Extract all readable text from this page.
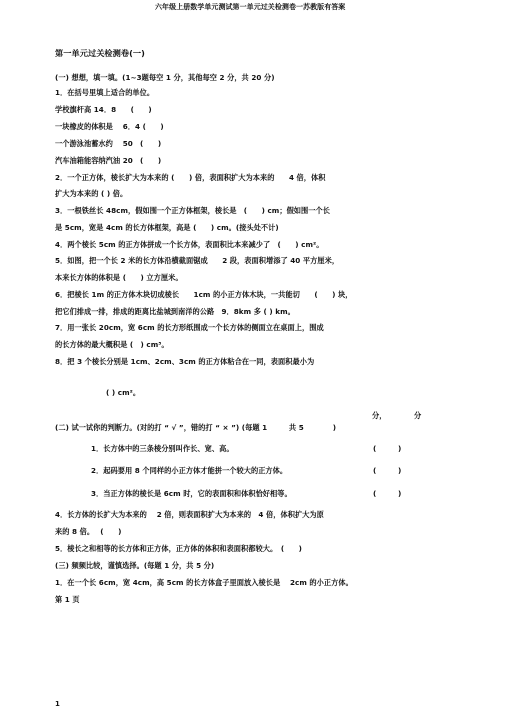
六年级上册数学单元测试第一单元过关检测卷一苏教版有答案
第一单元过关检测卷(一)
(一) 想想，填一填。(1~3题每空 1 分，其他每空 2 分，共 20 分)
1．在括号里填上适合的单位。
学校旗杆高 14．8　　(　　)
一块橡皮的体积是　 6．4 (　　)
一个游泳池蓄水约　 50　(　　)
汽车油箱能容纳汽油 20　(　　)
2．一个正方体，棱长扩大为本来的 (　　) 倍，表面积扩大为本来的　　4 倍，体积
扩大为本来的 ( ) 倍。
3．一根铁丝长 48cm，假如围一个正方体框架，棱长是　(　　) cm；假如围一个长
是 5cm，宽是 4cm 的长方体框架，高是 (　　) cm。(接头处不计)
4．两个棱长 5cm 的正方体拼成一个长方体，表面积比本来减少了　(　　) cm²。
5．如图，把一个长 2 米的长方体沿横截面锯成　　2 段，表面积增添了 40 平方厘米，
本来长方体的体积是 (　　) 立方厘米。
6．把棱长 1m 的正方体木块切成棱长　　1cm 的小正方体木块，一共能切　　(　　) 块，
把它们排成一排，排成的距离比盐城到南洋的公路　9．8km 多 ( ) km。
7．用一张长 20cm，宽 6cm 的长方形纸围成一个长方体的侧面立在桌面上，围成
的长方体的最大概积是 (　) cm³。
8．把 3 个棱长分别是 1cm、2cm、3cm 的正方体粘合在一同，表面积最小为
( ) cm²。
分，	分
(二) 试一试你的判断力。(对的打 “ √ ”，错的打 “ × ”) (每题 1　　　共 5　　　　)
1．长方体中的三条棱分别叫作长、宽、高。	(　　　)
2．起码要用 8 个同样的小正方体才能拼一个较大的正方体。	(　　　)
3．当正方体的棱长是 6cm 时，它的表面积和体积恰好相等。	(　　　)
4．长方体的长扩大为本来的　 2 倍，则表面积扩大为本来的　4 倍，体积扩大为原
来的 8 倍。　 (　　)
5．棱长之和相等的长方体和正方体，正方体的体积和表面积都较大。　(　　)
(三) 频频比较，谨慎选择。(每题 1 分，共 5 分)
1．在一个长 6cm，宽 4cm，高 5cm 的长方体盒子里面放入棱长是　 2cm 的小正方体。
第 1 页
1
